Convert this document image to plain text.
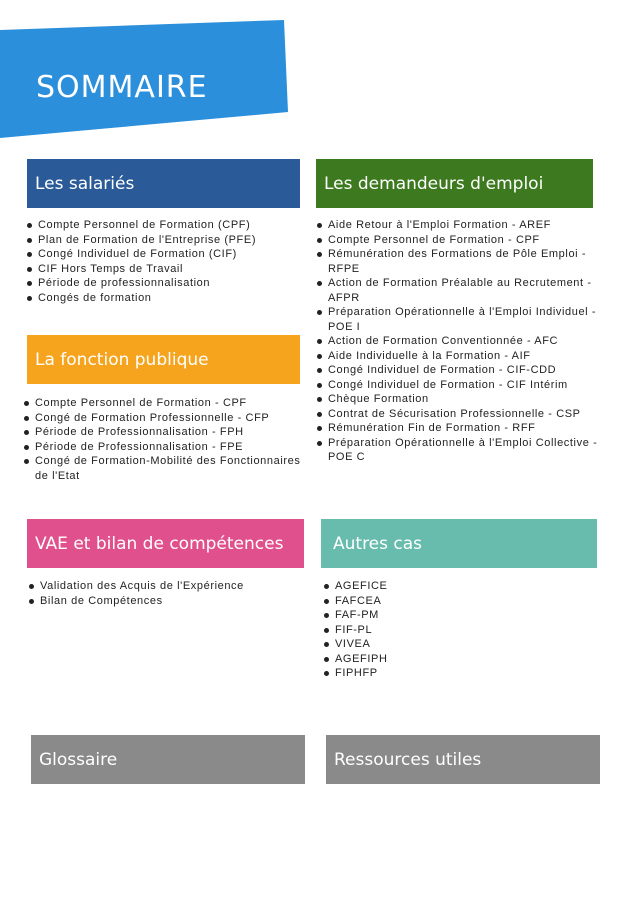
SOMMAIRE
Les salariés
Compte Personnel de Formation (CPF)
Plan de Formation de l'Entreprise (PFE)
Congé Individuel de Formation (CIF)
CIF Hors Temps de Travail
Période de professionnalisation
Congés de formation
Les demandeurs d'emploi
Aide Retour à l'Emploi Formation - AREF
Compte Personnel de Formation - CPF
Rémunération des Formations de Pôle Emploi - RFPE
Action de Formation Préalable au Recrutement - AFPR
Préparation Opérationnelle à l'Emploi Individuel - POE I
Action de Formation Conventionnée - AFC
Aide Individuelle à la Formation - AIF
Congé Individuel de Formation - CIF-CDD
Congé Individuel de Formation - CIF Intérim
Chèque Formation
Contrat de Sécurisation Professionnelle - CSP
Rémunération Fin de Formation - RFF
Préparation Opérationnelle à l'Emploi Collective - POE C
La fonction publique
Compte Personnel de Formation - CPF
Congé de Formation Professionnelle - CFP
Période de Professionnalisation - FPH
Période de Professionnalisation - FPE
Congé de Formation-Mobilité des Fonctionnaires de l'Etat
VAE et bilan de compétences
Validation des Acquis de l'Expérience
Bilan de Compétences
Autres cas
AGEFICE
FAFCEA
FAF-PM
FIF-PL
VIVEA
AGEFIPH
FIPHFP
Glossaire	Ressources utiles
